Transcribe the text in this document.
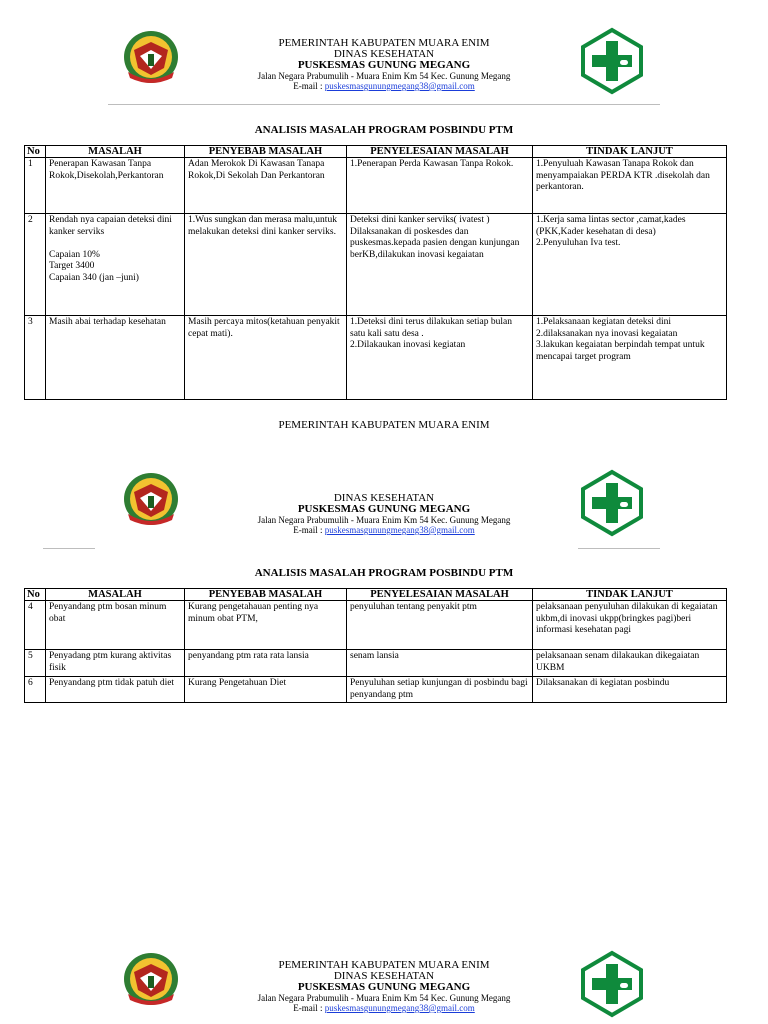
PEMERINTAH KABUPATEN MUARA ENIM
DINAS KESEHATAN
PUSKESMAS GUNUNG MEGANG
Jalan Negara Prabumulih - Muara Enim Km 54 Kec. Gunung Megang
E-mail : puskesmasgunungmegang38@gmail.com
ANALISIS MASALAH PROGRAM POSBINDU PTM
No	MASALAH	PENYEBAB MASALAH	PENYELESAIAN MASALAH	TINDAK LANJUT
1	Penerapan Kawasan Tanpa Rokok,Disekolah,Perkantoran	Adan Merokok Di Kawasan Tanapa Rokok,Di Sekolah Dan Perkantoran	1.Penerapan Perda Kawasan Tanpa Rokok.	1.Penyuluah Kawasan Tanapa Rokok dan menyampaiakan PERDA KTR .disekolah dan perkantoran.
2	Rendah nya capaian deteksi dini kanker serviks

Capaian 10%
Target 3400
Capaian 340 (jan –juni)	1.Wus sungkan dan merasa malu,untuk melakukan deteksi dini kanker serviks.	Deteksi dini kanker serviks( ivatest ) Dilaksanakan di poskesdes dan puskesmas.kepada pasien dengan kunjungan berKB,dilakukan inovasi kegaiatan	1.Kerja sama lintas sector ,camat,kades
(PKK,Kader kesehatan di desa)
2.Penyuluhan Iva test.
3	Masih abai terhadap kesehatan	Masih percaya mitos(ketahuan penyakit cepat mati).	1.Deteksi dini terus dilakukan setiap bulan satu kali satu desa .
2.Dilakaukan inovasi kegiatan	1.Pelaksanaan kegiatan deteksi dini
2.dilaksanakan nya inovasi kegaiatan
3.lakukan kegaiatan berpindah tempat untuk mencapai target program
PEMERINTAH KABUPATEN MUARA ENIM
DINAS KESEHATAN
PUSKESMAS GUNUNG MEGANG
Jalan Negara Prabumulih - Muara Enim Km 54 Kec. Gunung Megang
E-mail : puskesmasgunungmegang38@gmail.com
ANALISIS MASALAH PROGRAM POSBINDU PTM
No	MASALAH	PENYEBAB MASALAH	PENYELESAIAN MASALAH	TINDAK LANJUT
4	Penyandang ptm bosan minum obat	Kurang pengetahauan penting nya minum obat PTM,	penyuluhan tentang penyakit ptm	pelaksanaan penyuluhan dilakukan di kegaiatan ukbm,di inovasi ukpp(bringkes pagi)beri informasi kesehatan pagi
5	Penyadang ptm kurang aktivitas fisik	penyandang ptm rata rata lansia	senam lansia	pelaksanaan senam dilakaukan dikegaiatan UKBM
6	Penyandang ptm tidak patuh diet	Kurang Pengetahuan Diet	Penyuluhan setiap kunjungan di posbindu bagi penyandang ptm	Dilaksanakan di kegiatan posbindu
PEMERINTAH KABUPATEN MUARA ENIM
DINAS KESEHATAN
PUSKESMAS GUNUNG MEGANG
Jalan Negara Prabumulih - Muara Enim Km 54 Kec. Gunung Megang
E-mail : puskesmasgunungmegang38@gmail.com
